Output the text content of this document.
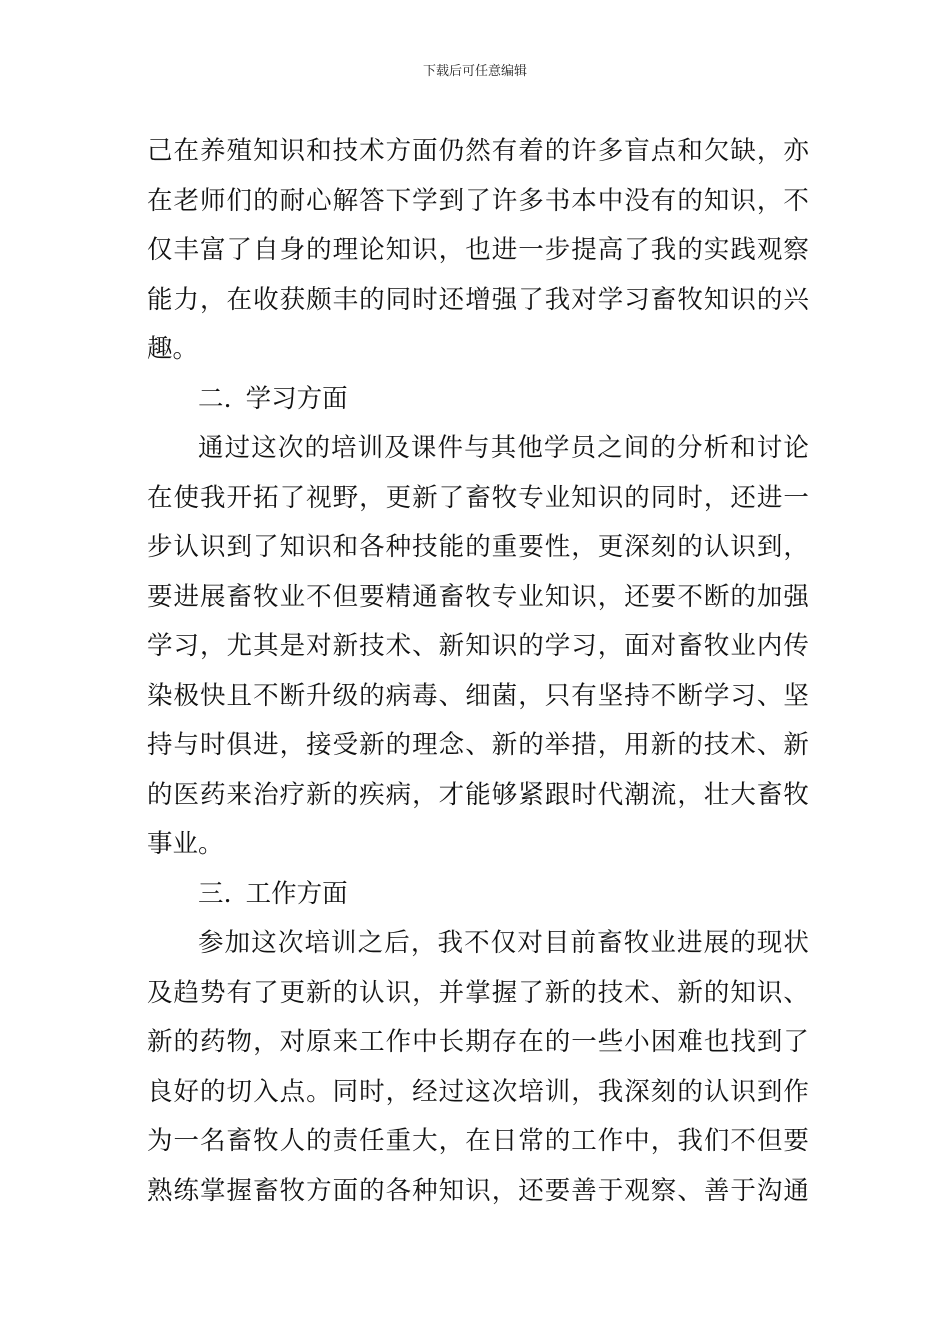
下载后可任意编辑
己 在 养 殖 知 识 和 技 术 方 面 仍 然 有 着 的 许 多 盲 点 和 欠 缺 ， 亦
在 老 师 们 的 耐 心 解 答 下 学 到 了 许 多 书 本 中 没 有 的 知 识 ， 不
仅 丰 富 了 自 身 的 理 论 知 识 ， 也 进 一 步 提 高 了 我 的 实 践 观 察
能 力 ， 在 收 获 颇 丰 的 同 时 还 增 强 了 我 对 学 习 畜 牧 知 识 的 兴
趣。
二. 学习方面
通 过 这 次 的 培 训 及 课 件 与 其 他 学 员 之 间 的 分 析 和 讨 论
在 使 我 开 拓 了 视 野 ， 更 新 了 畜 牧 专 业 知 识 的 同 时 ， 还 进 一
步 认 识 到 了 知 识 和 各 种 技 能 的 重 要 性 ， 更 深 刻 的 认 识 到 ，
要 进 展 畜 牧 业 不 但 要 精 通 畜 牧 专 业 知 识 ， 还 要 不 断 的 加 强
学 习 ， 尤 其 是 对 新 技 术 、 新 知 识 的 学 习 ， 面 对 畜 牧 业 内 传
染 极 快 且 不 断 升 级 的 病 毒 、 细 菌 ， 只 有 坚 持 不 断 学 习 、 坚
持 与 时 俱 进 ， 接 受 新 的 理 念 、 新 的 举 措 ， 用 新 的 技 术 、 新
的 医 药 来 治 疗 新 的 疾 病 ， 才 能 够 紧 跟 时 代 潮 流 ， 壮 大 畜 牧
事业。
三. 工作方面
参 加 这 次 培 训 之 后 ， 我 不 仅 对 目 前 畜 牧 业 进 展 的 现 状
及 趋 势 有 了 更 新 的 认 识 ， 并 掌 握 了 新 的 技 术 、 新 的 知 识 、
新 的 药 物 ， 对 原 来 工 作 中 长 期 存 在 的 一 些 小 困 难 也 找 到 了
良 好 的 切 入 点 。 同 时 ， 经 过 这 次 培 训 ， 我 深 刻 的 认 识 到 作
为 一 名 畜 牧 人 的 责 任 重 大 ， 在 日 常 的 工 作 中 ， 我 们 不 但 要
熟 练 掌 握 畜 牧 方 面 的 各 种 知 识 ， 还 要 善 于 观 察 、 善 于 沟 通
